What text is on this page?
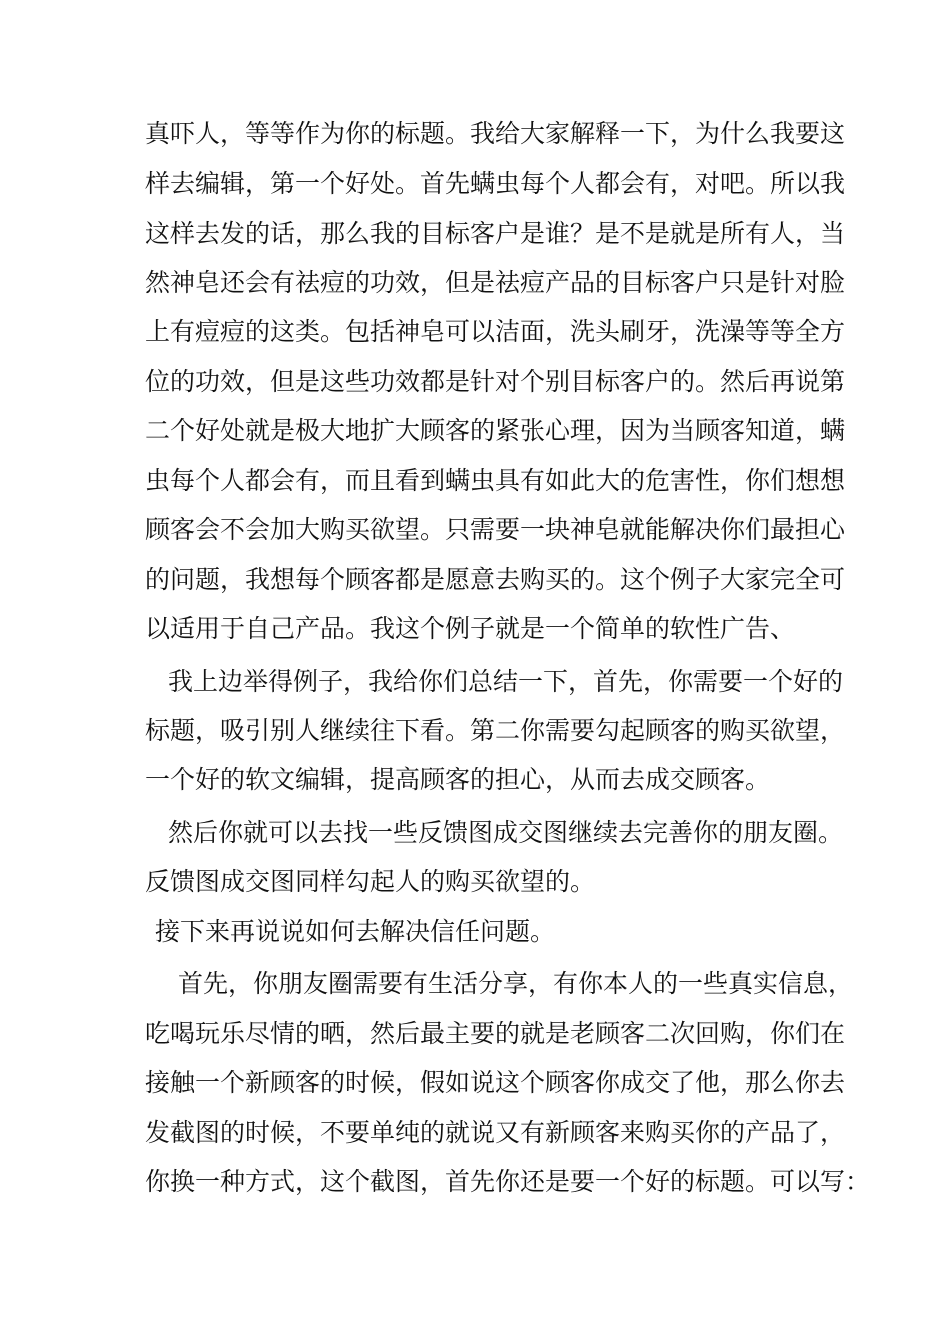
真吓人，等等作为你的标题。我给大家解释一下，为什么我要这
样去编辑，第一个好处。首先螨虫每个人都会有，对吧。所以我
这样去发的话，那么我的目标客户是谁？是不是就是所有人，当
然神皂还会有祛痘的功效，但是祛痘产品的目标客户只是针对脸
上有痘痘的这类。包括神皂可以洁面，洗头刷牙，洗澡等等全方
位的功效，但是这些功效都是针对个别目标客户的。然后再说第
二个好处就是极大地扩大顾客的紧张心理，因为当顾客知道，螨
虫每个人都会有，而且看到螨虫具有如此大的危害性，你们想想
顾客会不会加大购买欲望。只需要一块神皂就能解决你们最担心
的问题，我想每个顾客都是愿意去购买的。这个例子大家完全可
以适用于自己产品。我这个例子就是一个简单的软性广告、
我上边举得例子，我给你们总结一下，首先，你需要一个好的
标题，吸引别人继续往下看。第二你需要勾起顾客的购买欲望，
一个好的软文编辑，提高顾客的担心，从而去成交顾客。
然后你就可以去找一些反馈图成交图继续去完善你的朋友圈。
反馈图成交图同样勾起人的购买欲望的。
接下来再说说如何去解决信任问题。
首先，你朋友圈需要有生活分享，有你本人的一些真实信息，
吃喝玩乐尽情的晒，然后最主要的就是老顾客二次回购，你们在
接触一个新顾客的时候，假如说这个顾客你成交了他，那么你去
发截图的时候，不要单纯的就说又有新顾客来购买你的产品了，
你换一种方式，这个截图，首先你还是要一个好的标题。可以写：
